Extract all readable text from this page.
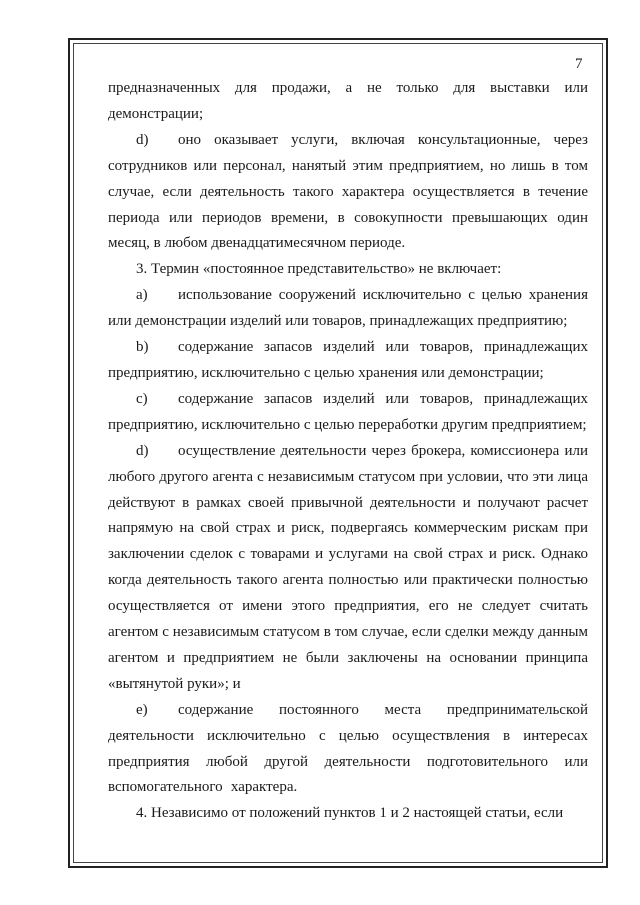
7

предназначенных для продажи, а не только для выставки или демонстрации;

d) оно оказывает услуги, включая консультационные, через сотрудников или персонал, нанятый этим предприятием, но лишь в том случае, если деятельность такого характера осуществляется в течение периода или периодов времени, в совокупности превышающих один месяц, в любом двенадцатимесячном периоде.

3. Термин «постоянное представительство» не включает:

а) использование сооружений исключительно с целью хранения или демонстрации изделий или товаров, принадлежащих предприятию;

b) содержание запасов изделий или товаров, принадлежащих предприятию, исключительно с целью хранения или демонстрации;

с) содержание запасов изделий или товаров, принадлежащих предприятию, исключительно с целью переработки другим предприятием;

d) осуществление деятельности через брокера, комиссионера или любого другого агента с независимым статусом при условии, что эти лица действуют в рамках своей привычной деятельности и получают расчет напрямую на свой страх и риск, подвергаясь коммерческим рискам при заключении сделок с товарами и услугами на свой страх и риск. Однако когда деятельность такого агента полностью или практически полностью осуществляется от имени этого предприятия, его не следует считать агентом с независимым статусом в том случае, если сделки между данным агентом и предприятием не были заключены на основании принципа «вытянутой руки»; и

е) содержание постоянного места предпринимательской деятельности исключительно с целью осуществления в интересах предприятия любой другой деятельности подготовительного или вспомогательного характера.

4. Независимо от положений пунктов 1 и 2 настоящей статьи, если
